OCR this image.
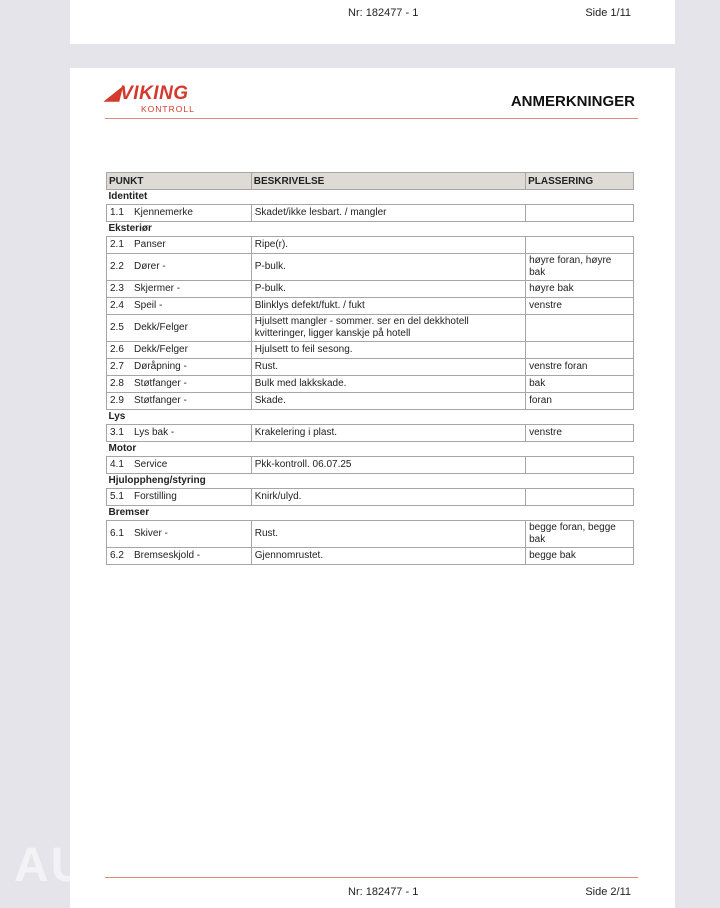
Nr: 182477 - 1	Side 1/11
◢VIKING
KONTROLL	ANMERKNINGER
PUNKT	BESKRIVELSE	PLASSERING
Identitet		
1.1 Kjennemerke	Skadet/ikke lesbart. / mangler	
Eksteriør		
2.1 Panser	Ripe(r).	
2.2 Dører -	P-bulk.	høyre foran, høyre bak
2.3 Skjermer -	P-bulk.	høyre bak
2.4 Speil -	Blinklys defekt/fukt. / fukt	venstre
2.5 Dekk/Felger	Hjulsett mangler - sommer. ser en del dekkhotell kvitteringer, ligger kanskje på hotell	
2.6 Dekk/Felger	Hjulsett to feil sesong.	
2.7 Døråpning -	Rust.	venstre foran
2.8 Støtfanger -	Bulk med lakkskade.	bak
2.9 Støtfanger -	Skade.	foran
Lys		
3.1 Lys bak -	Krakelering i plast.	venstre
Motor		
4.1 Service	Pkk-kontroll. 06.07.25	
Hjuloppheng/styring		
5.1 Forstilling	Knirk/ulyd.	
Bremser		
6.1 Skiver -	Rust.	begge foran, begge bak
6.2 Bremseskjold -	Gjennomrustet.	begge bak
Nr: 182477 - 1	Side 2/11
AU
